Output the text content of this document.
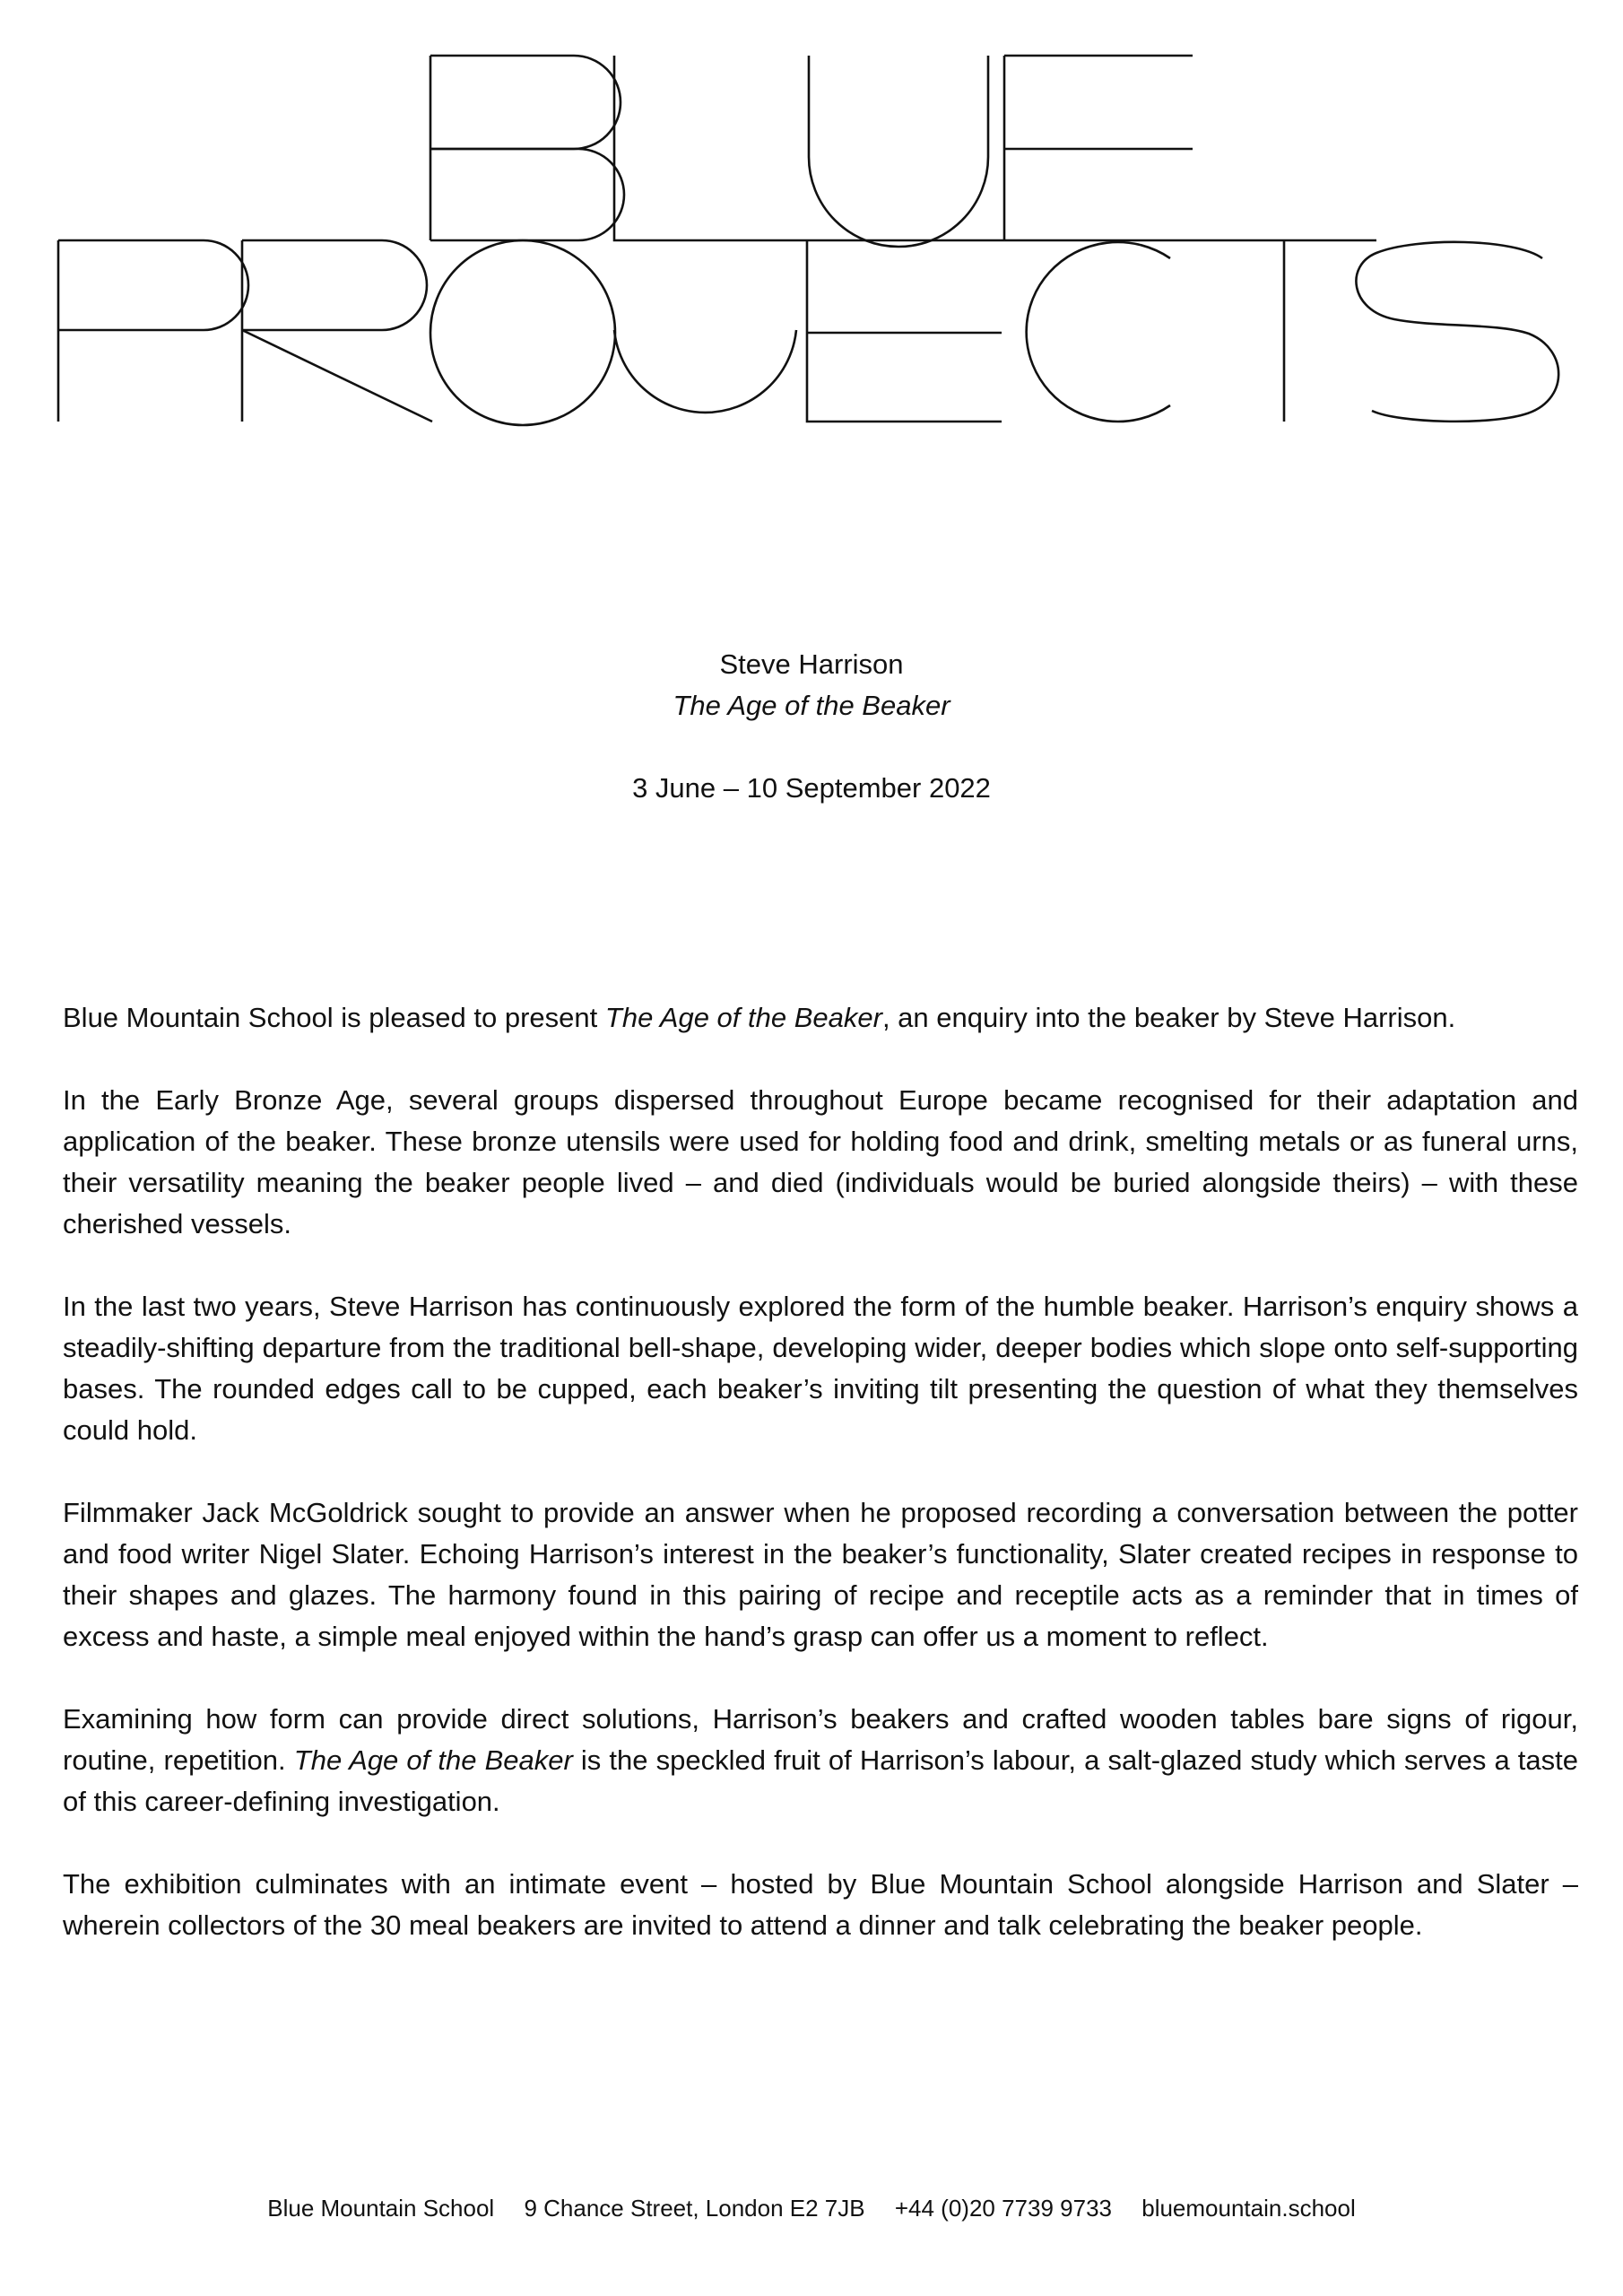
Steve Harrison
The Age of the Beaker
3 June – 10 September 2022

Blue Mountain School is pleased to present The Age of the Beaker, an enquiry into the beaker by Steve Harrison.

In the Early Bronze Age, several groups dispersed throughout Europe became recognised for their adaptation and application of the beaker. These bronze utensils were used for holding food and drink, smelting metals or as funeral urns, their versatility meaning the beaker people lived – and died (individuals would be buried alongside theirs) – with these cherished vessels.

In the last two years, Steve Harrison has continuously explored the form of the humble beaker. Harrison’s enquiry shows a steadily-shifting departure from the traditional bell-shape, developing wider, deeper bodies which slope onto self-supporting bases. The rounded edges call to be cupped, each beaker’s inviting tilt presenting the question of what they themselves could hold.

Filmmaker Jack McGoldrick sought to provide an answer when he proposed recording a conversation between the potter and food writer Nigel Slater. Echoing Harrison’s interest in the beaker’s functionality, Slater created recipes in response to their shapes and glazes. The harmony found in this pairing of recipe and receptile acts as a reminder that in times of excess and haste, a simple meal enjoyed within the hand’s grasp can offer us a moment to reflect.

Examining how form can provide direct solutions, Harrison’s beakers and crafted wooden tables bare signs of rigour, routine, repetition. The Age of the Beaker is the speckled fruit of Harrison’s labour, a salt-glazed study which serves a taste of this career-defining investigation.

The exhibition culminates with an intimate event – hosted by Blue Mountain School alongside Harrison and Slater – wherein collectors of the 30 meal beakers are invited to attend a dinner and talk celebrating the beaker people.

Blue Mountain School 9 Chance Street, London E2 7JB +44 (0)20 7739 9733 bluemountain.school
